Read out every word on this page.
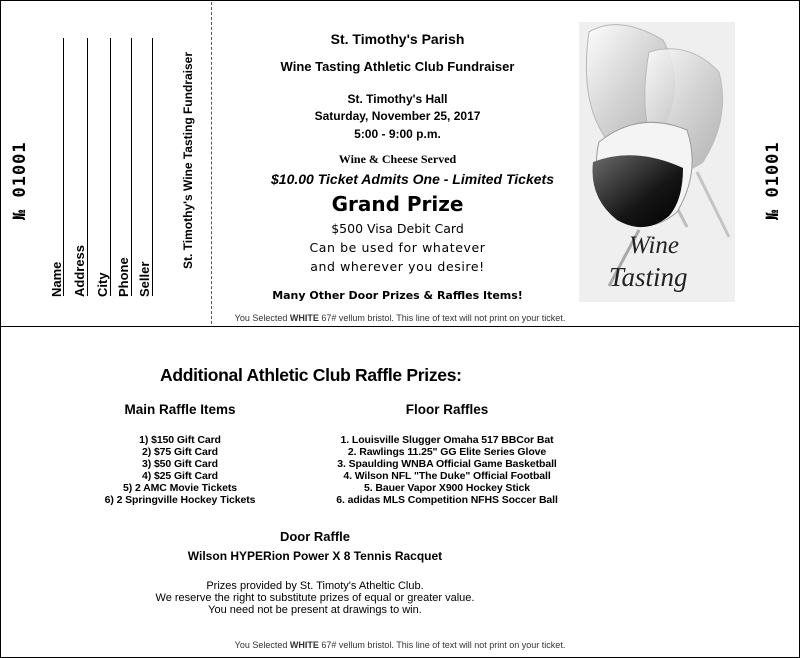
№ 01001
Name Address City Phone Seller
St. Timothy's Wine Tasting Fundraiser
St. Timothy's Parish
Wine Tasting Athletic Club Fundraiser
St. Timothy's Hall
Saturday, November 25, 2017
5:00 - 9:00 p.m.
Wine & Cheese Served
$10.00 Ticket Admits One - Limited Tickets
Grand Prize
$500 Visa Debit Card
Can be used for whatever
and wherever you desire!
Many Other Door Prizes & Raffles Items!
You Selected WHITE 67# vellum bristol. This line of text will not print on your ticket.
Wine
Tasting
№ 01001
Additional Athletic Club Raffle Prizes:
Main Raffle Items	Floor Raffles
1) $150 Gift Card
2) $75 Gift Card
3) $50 Gift Card
4) $25 Gift Card
5) 2 AMC Movie Tickets
6) 2 Springville Hockey Tickets
1. Louisville Slugger Omaha 517 BBCor Bat
2. Rawlings 11.25" GG Elite Series Glove
3. Spaulding WNBA Official Game Basketball
4. Wilson NFL "The Duke" Official Football
5. Bauer Vapor X900 Hockey Stick
6. adidas MLS Competition NFHS Soccer Ball
Door Raffle
Wilson HYPERion Power X 8 Tennis Racquet
Prizes provided by St. Timoty's Atheltic Club.
We reserve the right to substitute prizes of equal or greater value.
You need not be present at drawings to win.
You Selected WHITE 67# vellum bristol. This line of text will not print on your ticket.
